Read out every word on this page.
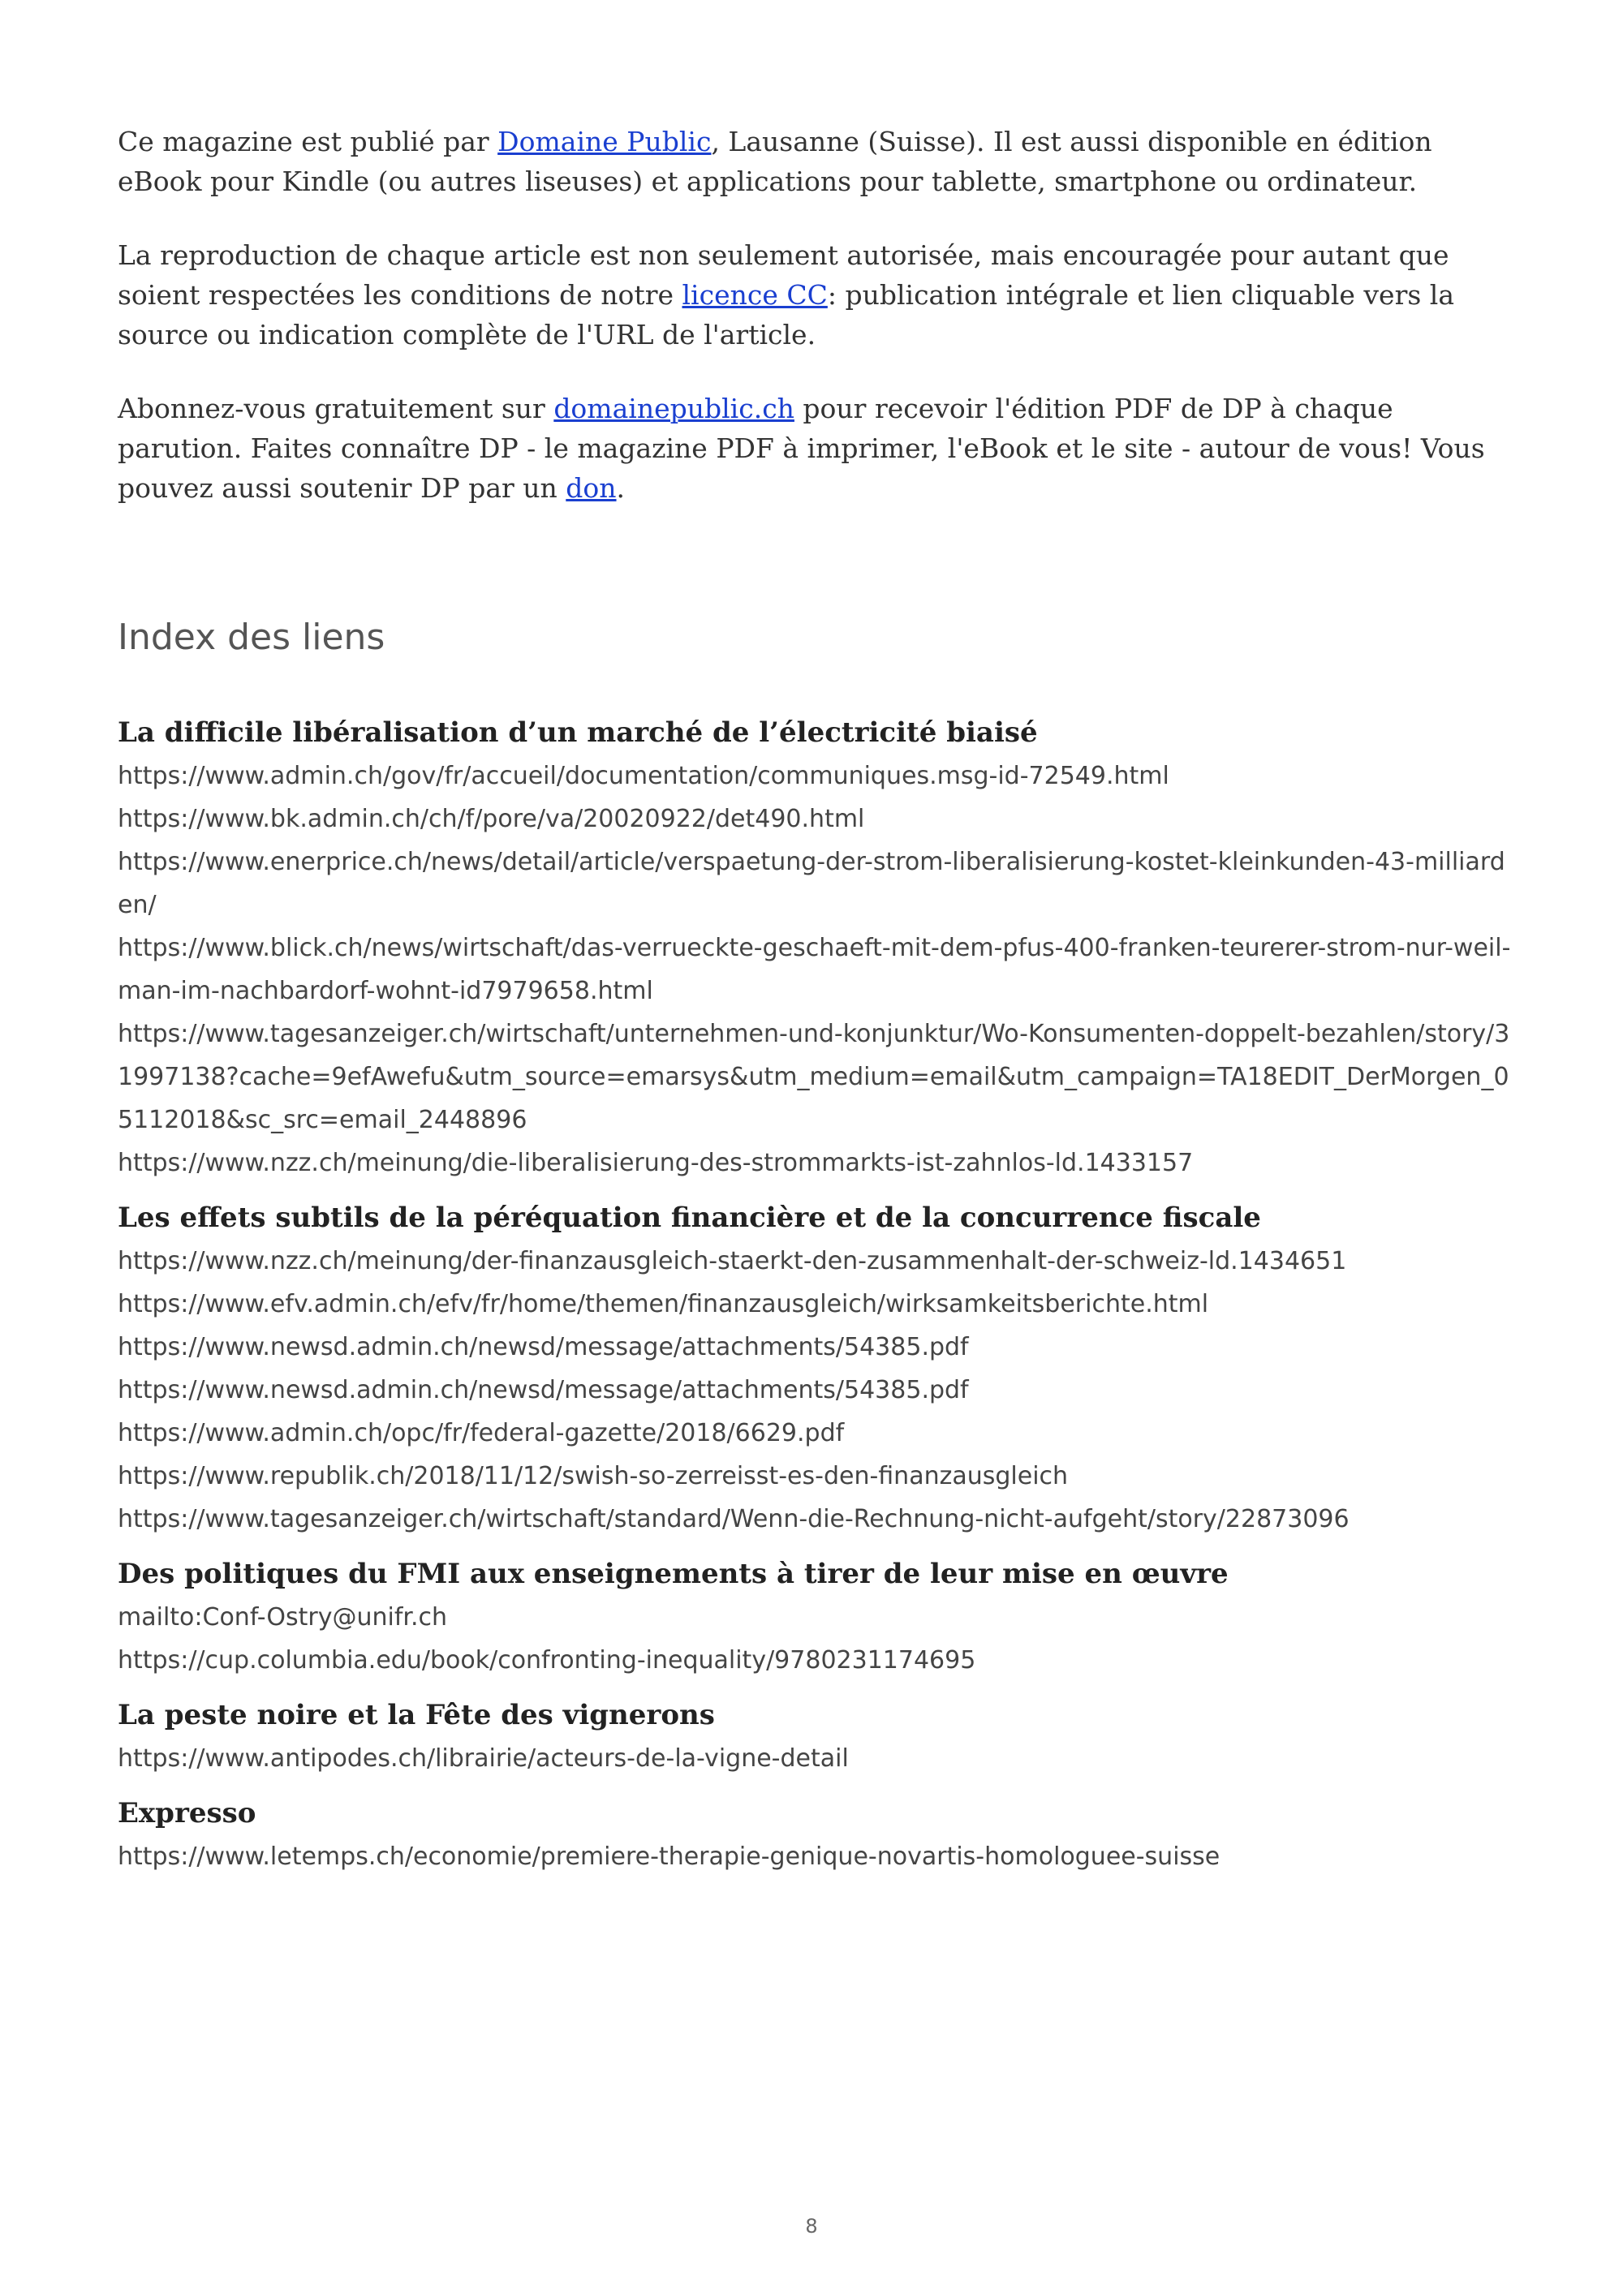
Ce magazine est publié par Domaine Public, Lausanne (Suisse). Il est aussi disponible en édition eBook pour Kindle (ou autres liseuses) et applications pour tablette, smartphone ou ordinateur.

La reproduction de chaque article est non seulement autorisée, mais encouragée pour autant que soient respectées les conditions de notre licence CC: publication intégrale et lien cliquable vers la source ou indication complète de l'URL de l'article.

Abonnez-vous gratuitement sur domainepublic.ch pour recevoir l'édition PDF de DP à chaque parution. Faites connaître DP - le magazine PDF à imprimer, l'eBook et le site - autour de vous! Vous pouvez aussi soutenir DP par un don.

Index des liens
La difficile libéralisation d’un marché de l’électricité biaisé
https://www.admin.ch/gov/fr/accueil/documentation/communiques.msg-id-72549.html
https://www.bk.admin.ch/ch/f/pore/va/20020922/det490.html
https://www.enerprice.ch/news/detail/article/verspaetung-der-strom-liberalisierung-kostet-kleinkunden-43-milliarden/
https://www.blick.ch/news/wirtschaft/das-verrueckte-geschaeft-mit-dem-pfus-400-franken-teurerer-strom-nur-weil-man-im-nachbardorf-wohnt-id7979658.html
https://www.tagesanzeiger.ch/wirtschaft/unternehmen-und-konjunktur/Wo-Konsumenten-doppelt-bezahlen/story/31997138?cache=9efAwefu&utm_source=emarsys&utm_medium=email&utm_campaign=TA18EDIT_DerMorgen_05112018&sc_src=email_2448896
https://www.nzz.ch/meinung/die-liberalisierung-des-strommarkts-ist-zahnlos-ld.1433157
Les effets subtils de la péréquation financière et de la concurrence fiscale
https://www.nzz.ch/meinung/der-finanzausgleich-staerkt-den-zusammenhalt-der-schweiz-ld.1434651
https://www.efv.admin.ch/efv/fr/home/themen/finanzausgleich/wirksamkeitsberichte.html
https://www.newsd.admin.ch/newsd/message/attachments/54385.pdf
https://www.newsd.admin.ch/newsd/message/attachments/54385.pdf
https://www.admin.ch/opc/fr/federal-gazette/2018/6629.pdf
https://www.republik.ch/2018/11/12/swish-so-zerreisst-es-den-finanzausgleich
https://www.tagesanzeiger.ch/wirtschaft/standard/Wenn-die-Rechnung-nicht-aufgeht/story/22873096
Des politiques du FMI aux enseignements à tirer de leur mise en œuvre
mailto:Conf-Ostry@unifr.ch
https://cup.columbia.edu/book/confronting-inequality/9780231174695
La peste noire et la Fête des vignerons
https://www.antipodes.ch/librairie/acteurs-de-la-vigne-detail
Expresso
https://www.letemps.ch/economie/premiere-therapie-genique-novartis-homologuee-suisse
8
